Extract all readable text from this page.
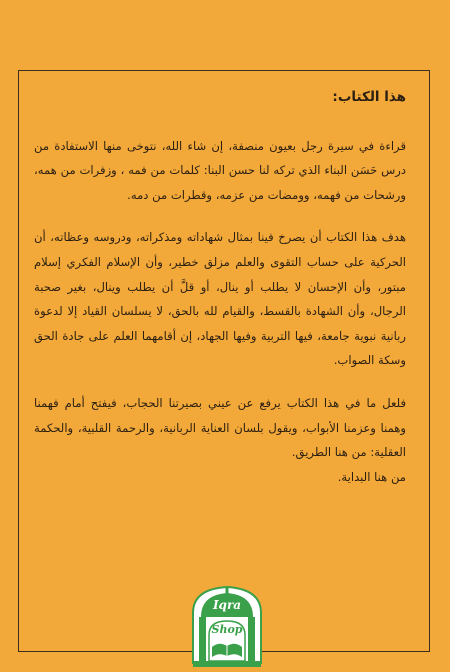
هذا الكتاب:

قراءة في سيرة رجل بعيون منصفة، إن شاء الله، نتوخى منها الاستفادة من درس حَسَن البناء الذي تركه لنا حسن البنا: كلمات من فمه ، وزفرات من همه، ورشحات من فهمه، وومضات من عزمه، وقطرات من دمه.

هدف هذا الكتاب أن يصرخ فينا بمثال شهاداته ومذكراته، ودروسه وعظاته، أن الحركية على حساب التقوى والعلم مزلق خطير، وأن الإسلام الفكري إسلام مبتور، وأن الإحسان لا يطلب أو ينال، أو قلَّ أن يطلب وينال، بغير صحبة الرجال، وأن الشهادة بالقسط، والقيام لله بالحق، لا يسلسان القياد إلا لدعوة ربانية نبوية جامعة، فيها التربية وفيها الجهاد، إن أقامهما العلم على جادة الحق وسكة الصواب.

فلعل ما في هذا الكتاب يرفع عن عيني بصيرتنا الحجاب، فيفتح أمام فهمنا وهمنا وعزمنا الأبواب، ويقول بلسان العناية الربانية، والرحمة القلبية، والحكمة العقلية: من هنا الطريق.

من هنا البداية.

Iqra
Shop
